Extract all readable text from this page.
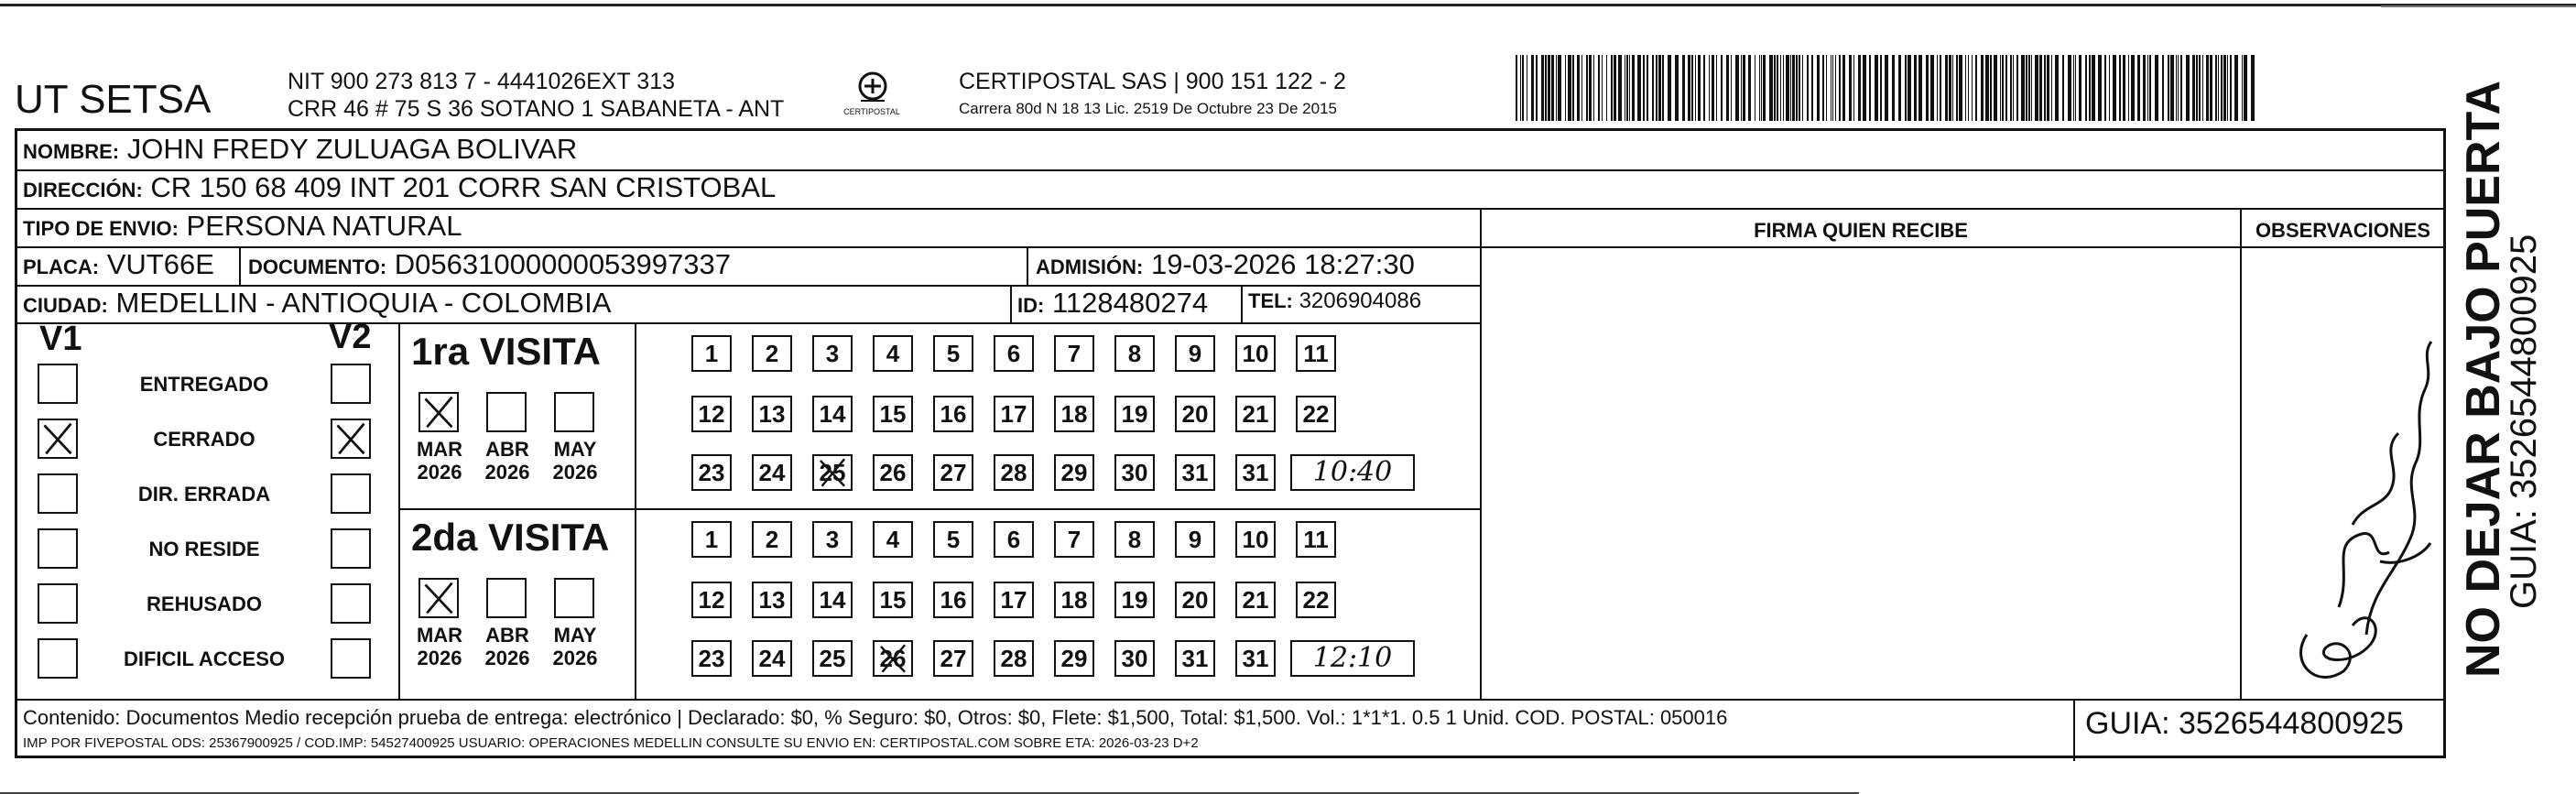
UT SETSA	NIT 900 273 813 7 - 4441026EXT 313
CRR 46 # 75 S 36 SOTANO 1 SABANETA - ANT	CERTIPOSTAL
CERTIPOSTAL SAS | 900 151 122 - 2
Carrera 80d N 18 13 Lic. 2519 De Octubre 23 De 2015
NOMBRE: JOHN FREDY ZULUAGA BOLIVAR
DIRECCIÓN: CR 150 68 409 INT 201 CORR SAN CRISTOBAL
TIPO DE ENVIO: PERSONA NATURAL	FIRMA QUIEN RECIBE	OBSERVACIONES
PLACA: VUT66E DOCUMENTO: D05631000000053997337	ADMISIÓN: 19-03-2026 18:27:30
CIUDAD: MEDELLIN - ANTIOQUIA - COLOMBIA	ID: 1128480274 TEL: 3206904086
V1	V2
ENTREGADO
CERRADO
DIR. ERRADA
NO RESIDE
REHUSADO
DIFICIL ACCESO
1ra VISITA
MAR
2026
ABR
2026
MAY
2026
1	2	3	4	5	6	7	8	9	10	11
12 13 14 15 16 17 18 19 20 21 22
23 24 25 26 27 28 29 30 31 31	10:40
2da VISITA
MAR
2026
ABR
2026
MAY
2026
1	2	3	4	5	6	7	8	9	10	11
12 13 14 15 16 17 18 19 20 21 22
23 24 25 26 27 28 29 30 31 31	12:10
Contenido: Documentos Medio recepción prueba de entrega: electrónico | Declarado: $0, % Seguro: $0, Otros: $0, Flete: $1,500, Total: $1,500. Vol.: 1*1*1. 0.5 1 Unid. COD. POSTAL: 050016
IMP POR FIVEPOSTAL ODS: 25367900925 / COD.IMP: 54527400925 USUARIO: OPERACIONES MEDELLIN CONSULTE SU ENVIO EN: CERTIPOSTAL.COM SOBRE ETA: 2026-03-23 D+2
GUIA: 3526544800925
NO DEJAR BAJO PUERTA
GUIA: 3526544800925
